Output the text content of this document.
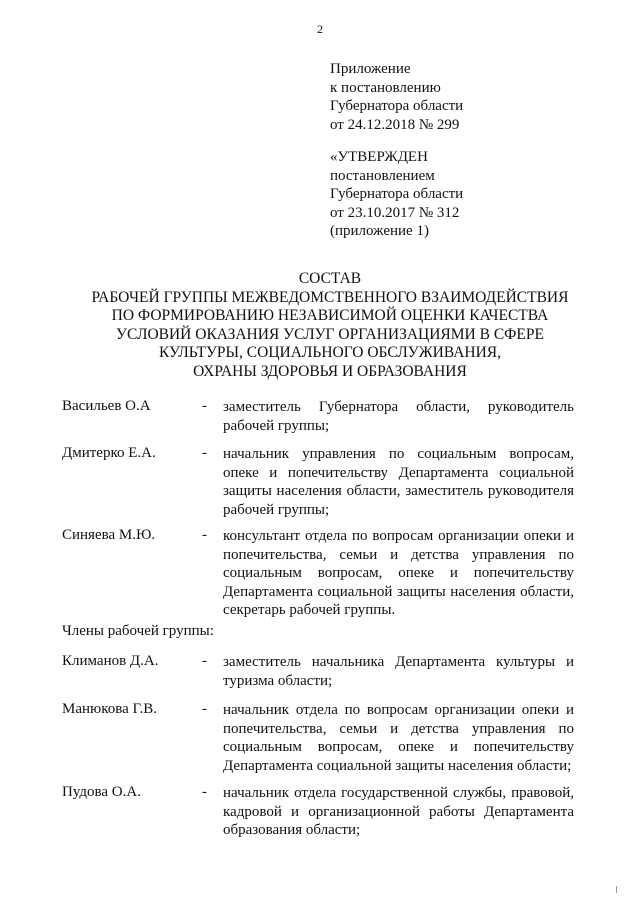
2
Приложение
к постановлению
Губернатора области
от 24.12.2018 № 299
«УТВЕРЖДЕН
постановлением
Губернатора области
от 23.10.2017 № 312
(приложение 1)
СОСТАВ
РАБОЧЕЙ ГРУППЫ МЕЖВЕДОМСТВЕННОГО ВЗАИМОДЕЙСТВИЯ
ПО ФОРМИРОВАНИЮ НЕЗАВИСИМОЙ ОЦЕНКИ КАЧЕСТВА
УСЛОВИЙ ОКАЗАНИЯ УСЛУГ ОРГАНИЗАЦИЯМИ В СФЕРЕ
КУЛЬТУРЫ, СОЦИАЛЬНОГО ОБСЛУЖИВАНИЯ,
ОХРАНЫ ЗДОРОВЬЯ И ОБРАЗОВАНИЯ
Васильев О.А	- заместитель Губернатора области, руководитель рабочей группы;
Дмитерко Е.А.	- начальник управления по социальным вопросам, опеке и попечительству Департамента социальной защиты населения области, заместитель руководителя рабочей группы;
Синяева М.Ю.	- консультант отдела по вопросам организации опеки и попечительства, семьи и детства управления по социальным вопросам, опеке и попечительству Департамента социальной защиты населения области, секретарь рабочей группы.
Члены рабочей группы:
Климанов Д.А.	- заместитель начальника Департамента культуры и туризма области;
Манюкова Г.В.	- начальник отдела по вопросам организации опеки и попечительства, семьи и детства управления по социальным вопросам, опеке и попечительству Департамента социальной защиты населения области;
Пудова О.А.	- начальник отдела государственной службы, правовой, кадровой и организационной работы Департамента образования области;
